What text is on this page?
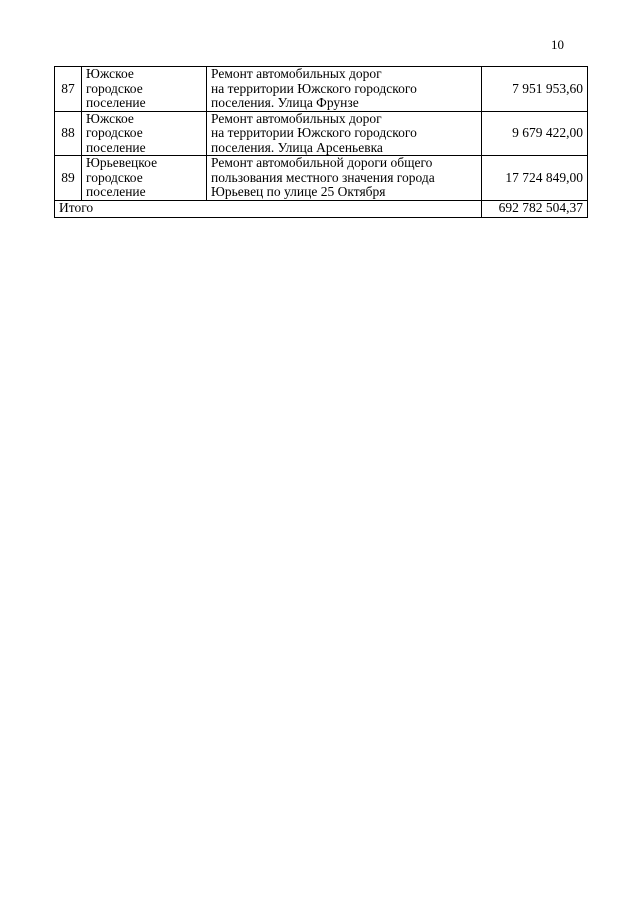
10
87	Южское
городское
поселение	Ремонт автомобильных дорог
на территории Южского городского
поселения. Улица Фрунзе	7 951 953,60
88	Южское
городское
поселение	Ремонт автомобильных дорог
на территории Южского городского
поселения. Улица Арсеньевка	9 679 422,00
89	Юрьевецкое
городское
поселение	Ремонт автомобильной дороги общего
пользования местного значения города
Юрьевец по улице 25 Октября	17 724 849,00
Итого			692 782 504,37
